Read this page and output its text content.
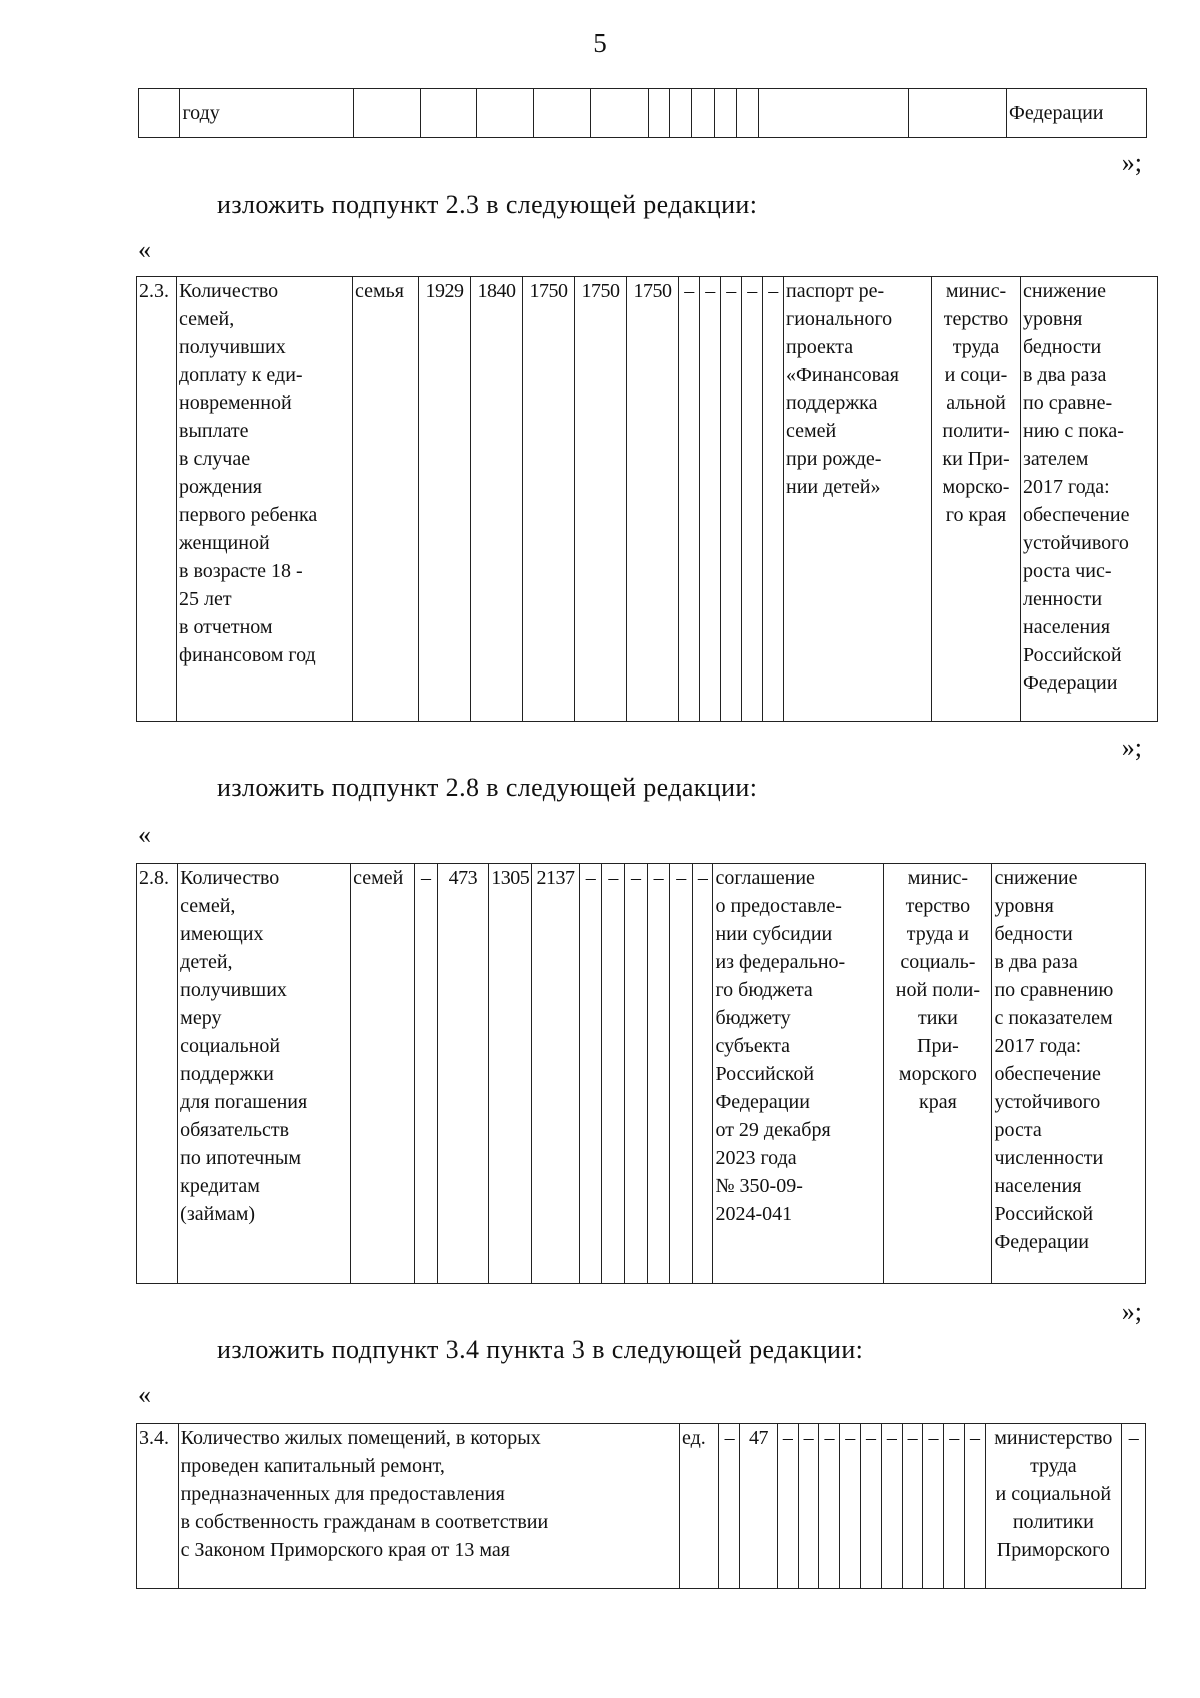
5
	году													Федерации
»;
изложить подпункт 2.3 в следующей редакции:
«
2.3.	Количество
семей,
получивших
доплату к еди-
новременной
выплате
в случае
рождения
первого ребенка
женщиной
в возрасте 18 -
25 лет
в отчетном
финансовом год	семья	1929	1840	1750	1750	1750	–	–	–	–	–	паспорт ре-
гионального
проекта
«Финансовая
поддержка
семей
при рожде-
нии детей»	минис-
терство
труда
и соци-
альной
полити-
ки При-
морско-
го края	снижение
уровня
бедности
в два раза
по сравне-
нию с пока-
зателем
2017 года:
обеспечение
устойчивого
роста чис-
ленности
населения
Российской
Федерации
»;
изложить подпункт 2.8 в следующей редакции:
«
2.8.	Количество
семей,
имеющих
детей,
получивших
меру
социальной
поддержки
для погашения
обязательств
по ипотечным
кредитам
(займам)	семей	–	473	1305	2137	–	–	–	–	–	–	соглашение
о предоставле-
нии субсидии
из федерально-
го бюджета
бюджету
субъекта
Российской
Федерации
от 29 декабря
2023 года
№ 350-09-
2024-041	минис-
терство
труда и
социаль-
ной поли-
тики
При-
морского
края	снижение
уровня
бедности
в два раза
по сравнению
с показателем
2017 года:
обеспечение
устойчивого
роста
численности
населения
Российской
Федерации
»;
изложить подпункт 3.4 пункта 3 в следующей редакции:
«
3.4.	Количество жилых помещений, в которых
проведен капитальный ремонт,
предназначенных для предоставления
в собственность гражданам в соответствии
с Законом Приморского края от 13 мая	ед.	–	47	–	–	–	–	–	–	–	–	–	–	министерство
труда
и социальной
политики
Приморского	–
